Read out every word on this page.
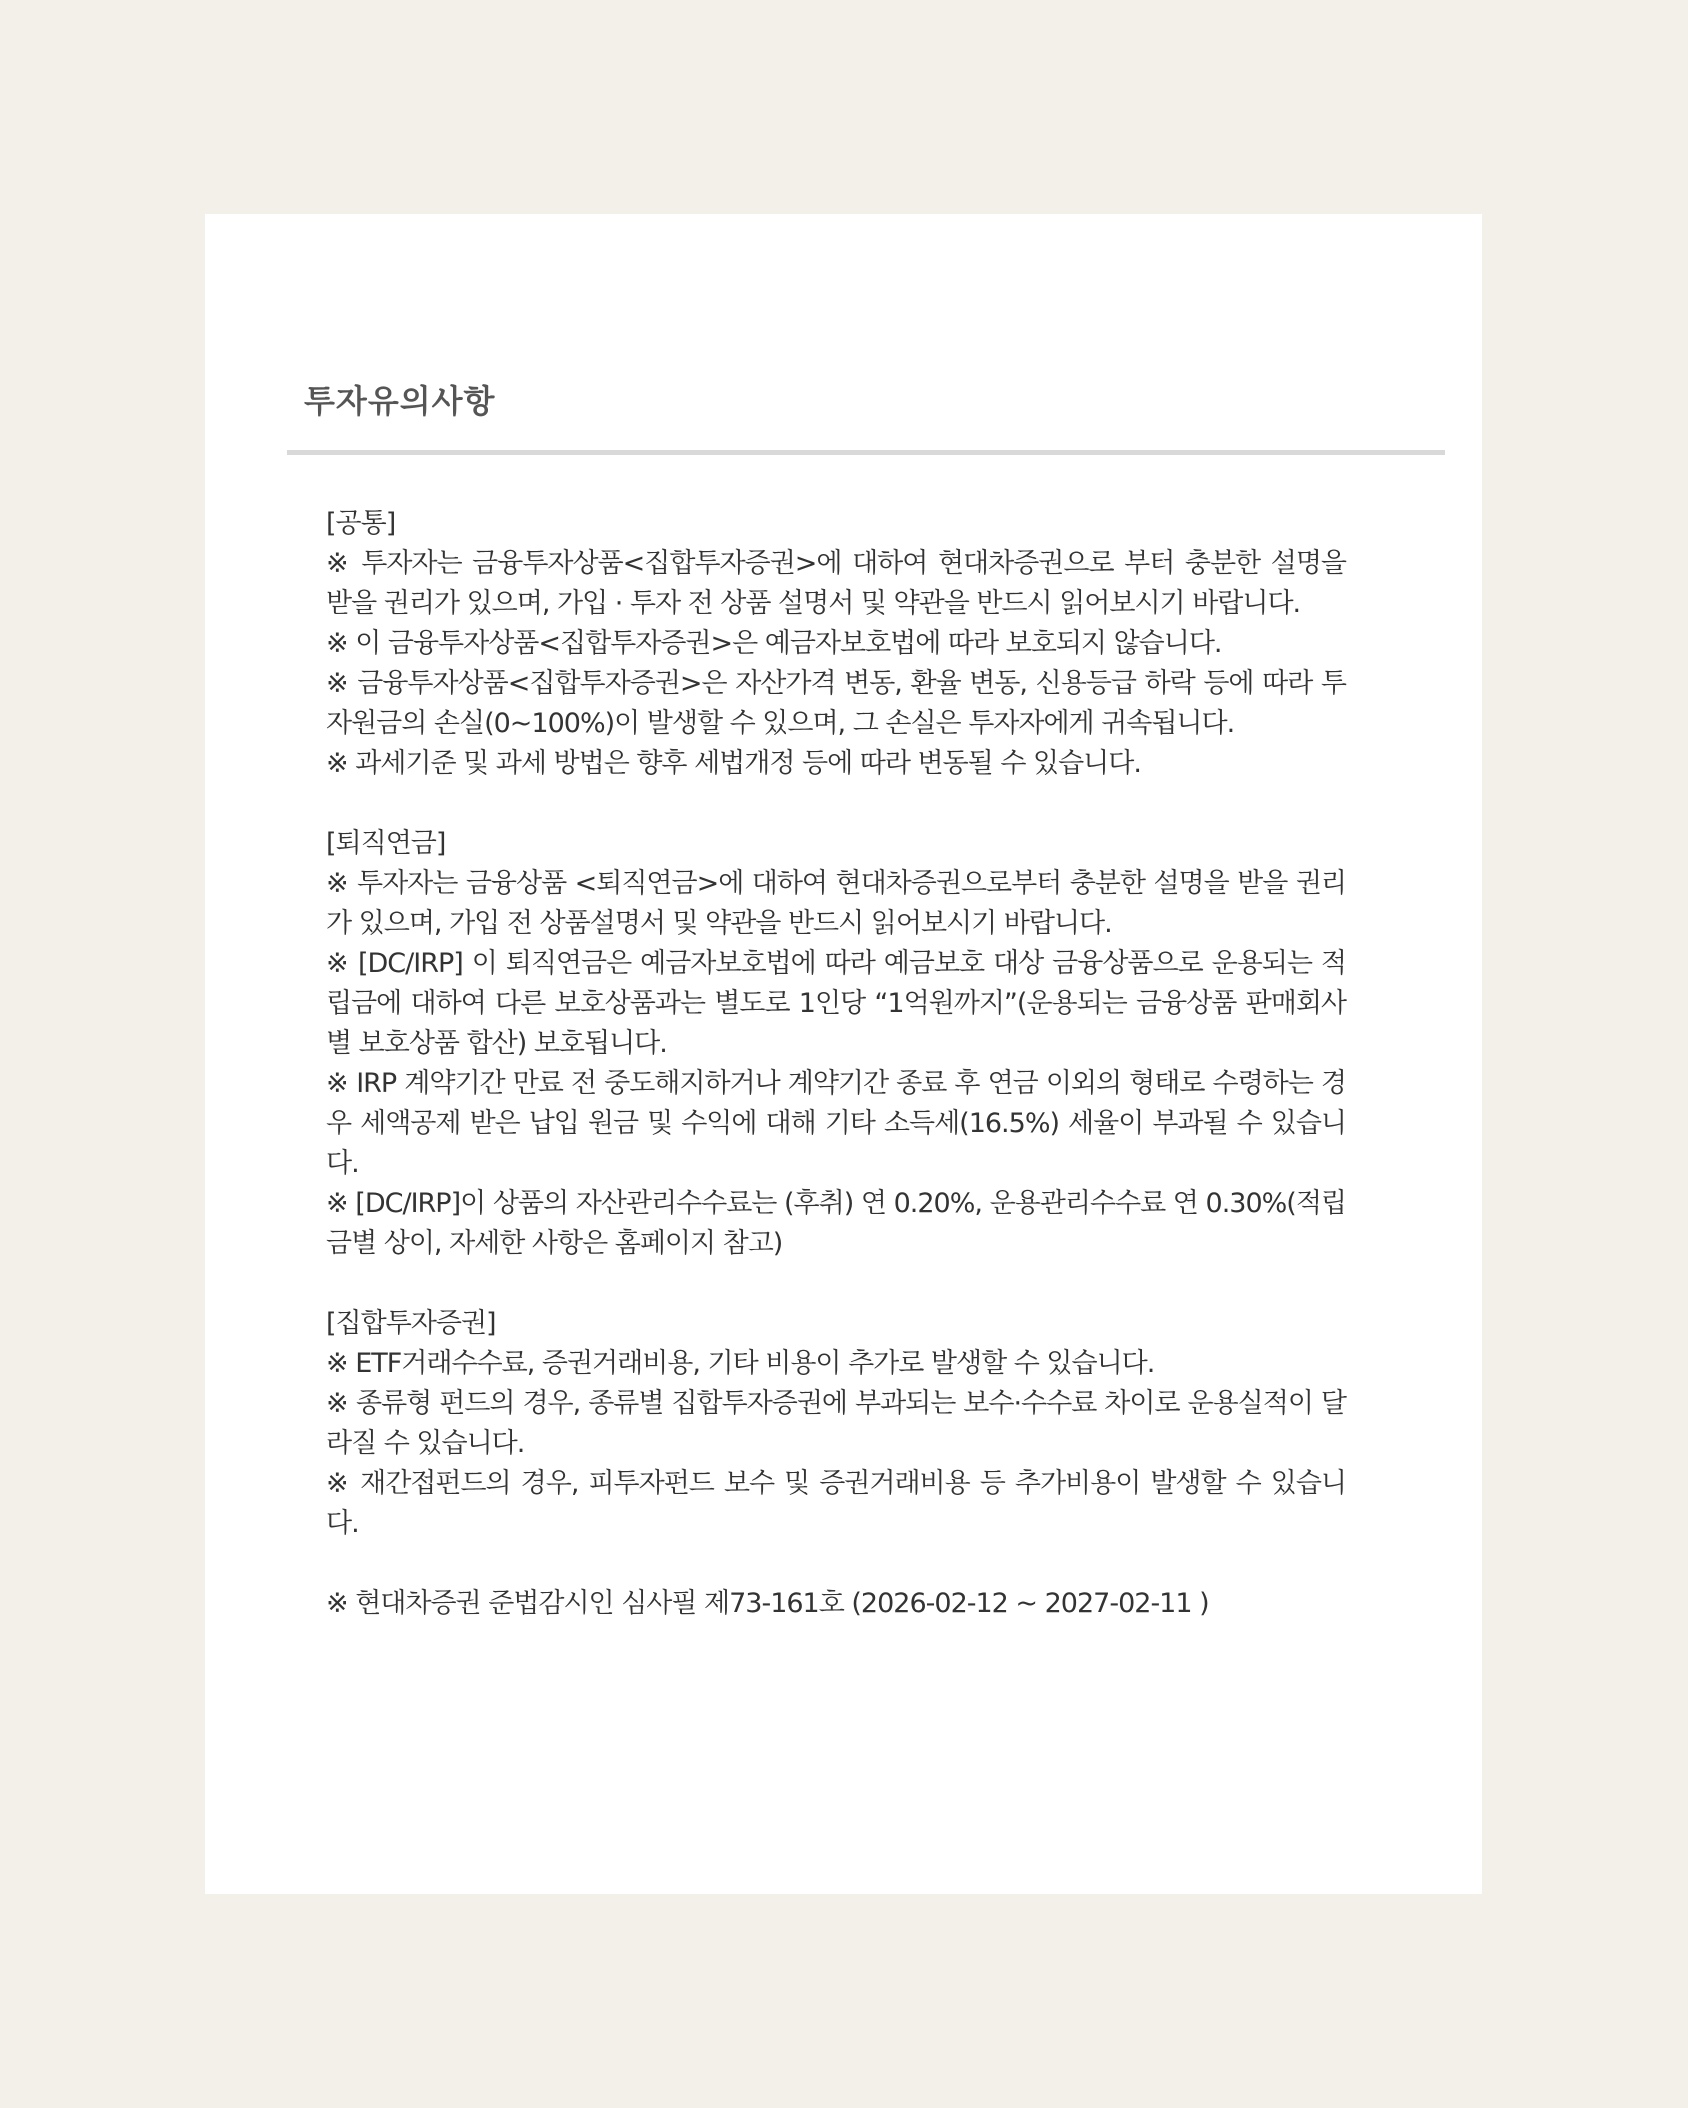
투자유의사항

[공통]

※ 투자자는 금융투자상품<집합투자증권>에 대하여 현대차증권으로 부터 충분한 설명을 받을 권리가 있으며, 가입 · 투자 전 상품 설명서 및 약관을 반드시 읽어보시기 바랍니다.

※ 이 금융투자상품<집합투자증권>은 예금자보호법에 따라 보호되지 않습니다.

※ 금융투자상품<집합투자증권>은 자산가격 변동, 환율 변동, 신용등급 하락 등에 따라 투자원금의 손실(0~100%)이 발생할 수 있으며, 그 손실은 투자자에게 귀속됩니다.

※ 과세기준 및 과세 방법은 향후 세법개정 등에 따라 변동될 수 있습니다.

[퇴직연금]

※ 투자자는 금융상품 <퇴직연금>에 대하여 현대차증권으로부터 충분한 설명을 받을 권리가 있으며, 가입 전 상품설명서 및 약관을 반드시 읽어보시기 바랍니다.

※ [DC/IRP] 이 퇴직연금은 예금자보호법에 따라 예금보호 대상 금융상품으로 운용되는 적립금에 대하여 다른 보호상품과는 별도로 1인당 “1억원까지”(운용되는 금융상품 판매회사별 보호상품 합산) 보호됩니다.

※ IRP 계약기간 만료 전 중도해지하거나 계약기간 종료 후 연금 이외의 형태로 수령하는 경우 세액공제 받은 납입 원금 및 수익에 대해 기타 소득세(16.5%) 세율이 부과될 수 있습니다.

※ [DC/IRP]이 상품의 자산관리수수료는 (후취) 연 0.20%, 운용관리수수료 연 0.30%(적립금별 상이, 자세한 사항은 홈페이지 참고)

[집합투자증권]

※ ETF거래수수료, 증권거래비용, 기타 비용이 추가로 발생할 수 있습니다.

※ 종류형 펀드의 경우, 종류별 집합투자증권에 부과되는 보수·수수료 차이로 운용실적이 달라질 수 있습니다.

※ 재간접펀드의 경우, 피투자펀드 보수 및 증권거래비용 등 추가비용이 발생할 수 있습니다.

※ 현대차증권 준법감시인 심사필 제73-161호 (2026-02-12 ~ 2027-02-11 )
